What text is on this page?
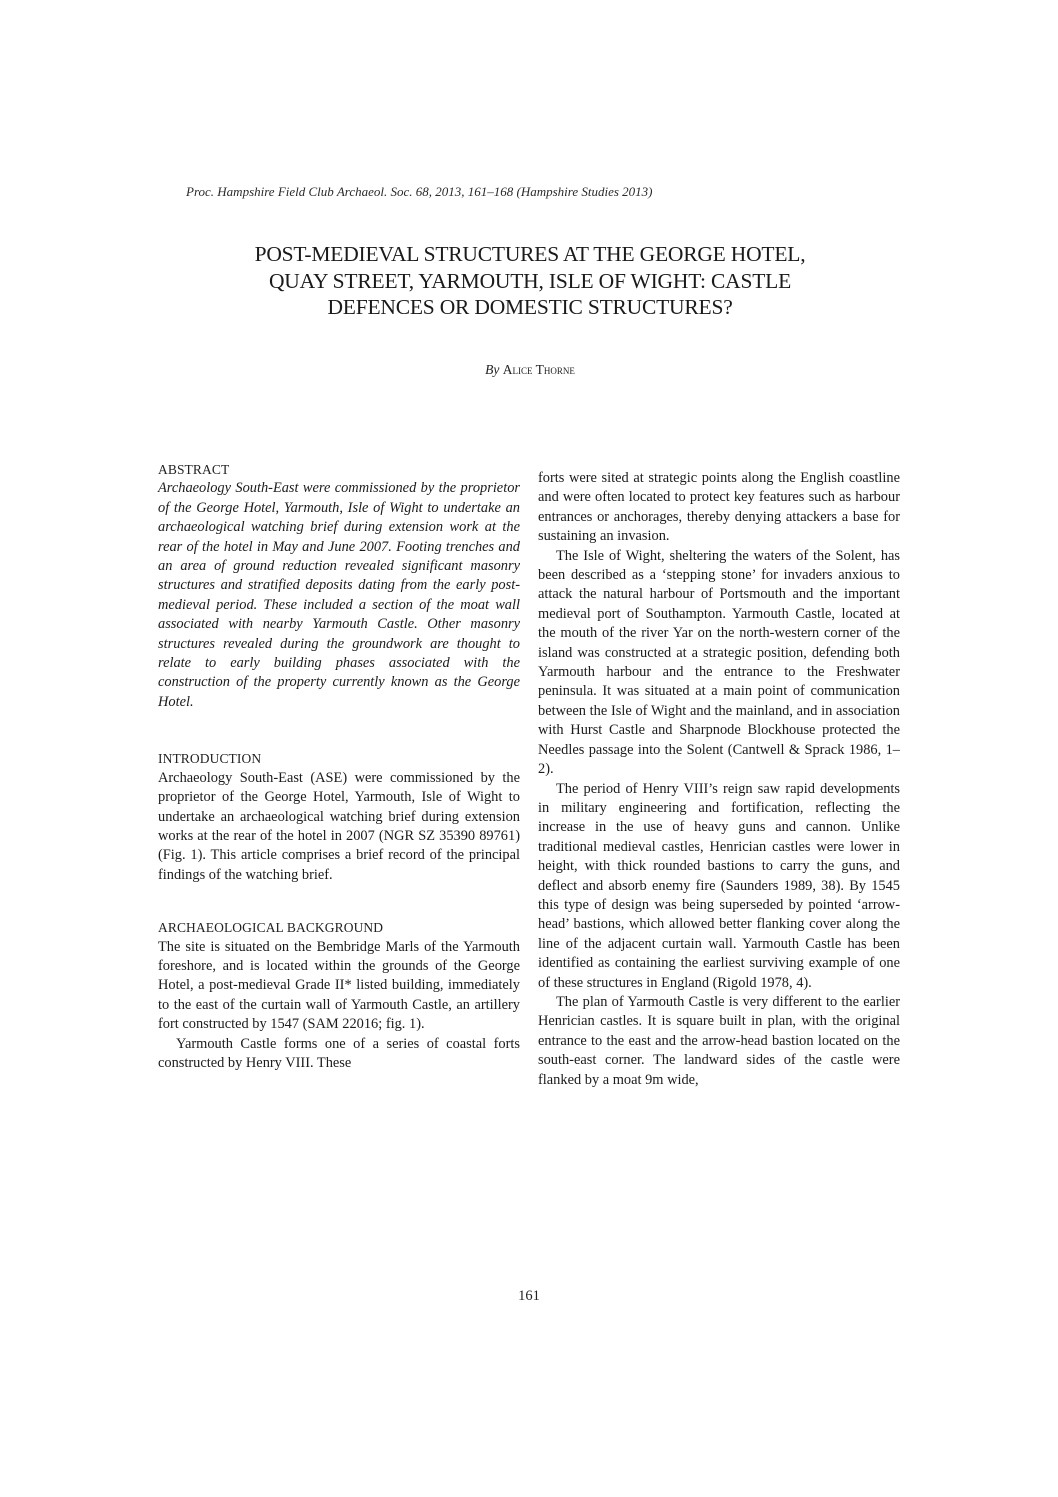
Proc. Hampshire Field Club Archaeol. Soc. 68, 2013, 161–168 (Hampshire Studies 2013)
POST-MEDIEVAL STRUCTURES AT THE GEORGE HOTEL,
QUAY STREET, YARMOUTH, ISLE OF WIGHT: CASTLE
DEFENCES OR DOMESTIC STRUCTURES?
By Alice Thorne

ABSTRACT

Archaeology South-East were commissioned by the proprietor of the George Hotel, Yarmouth, Isle of Wight to undertake an archaeological watching brief during extension work at the rear of the hotel in May and June 2007. Footing trenches and an area of ground reduction revealed significant masonry structures and stratified deposits dating from the early post-medieval period. These included a section of the moat wall associated with nearby Yarmouth Castle. Other masonry structures revealed during the groundwork are thought to relate to early building phases associated with the construction of the property currently known as the George Hotel.

INTRODUCTION

Archaeology South-East (ASE) were commissioned by the proprietor of the George Hotel, Yarmouth, Isle of Wight to undertake an archaeological watching brief during extension works at the rear of the hotel in 2007 (NGR SZ 35390 89761) (Fig. 1). This article comprises a brief record of the principal findings of the watching brief.

ARCHAEOLOGICAL BACKGROUND

The site is situated on the Bembridge Marls of the Yarmouth foreshore, and is located within the grounds of the George Hotel, a post-medieval Grade II* listed building, immediately to the east of the curtain wall of Yarmouth Castle, an artillery fort constructed by 1547 (SAM 22016; fig. 1).

Yarmouth Castle forms one of a series of coastal forts constructed by Henry VIII. These

forts were sited at strategic points along the English coastline and were often located to protect key features such as harbour entrances or anchorages, thereby denying attackers a base for sustaining an invasion.

The Isle of Wight, sheltering the waters of the Solent, has been described as a ‘stepping stone’ for invaders anxious to attack the natural harbour of Portsmouth and the important medieval port of Southampton. Yarmouth Castle, located at the mouth of the river Yar on the north-western corner of the island was constructed at a strategic position, defending both Yarmouth harbour and the entrance to the Freshwater peninsula. It was situated at a main point of communication between the Isle of Wight and the mainland, and in association with Hurst Castle and Sharpnode Blockhouse protected the Needles passage into the Solent (Cantwell & Sprack 1986, 1–2).

The period of Henry VIII’s reign saw rapid developments in military engineering and fortification, reflecting the increase in the use of heavy guns and cannon. Unlike traditional medieval castles, Henrician castles were lower in height, with thick rounded bastions to carry the guns, and deflect and absorb enemy fire (Saunders 1989, 38). By 1545 this type of design was being superseded by pointed ‘arrow-head’ bastions, which allowed better flanking cover along the line of the adjacent curtain wall. Yarmouth Castle has been identified as containing the earliest surviving example of one of these structures in England (Rigold 1978, 4).

The plan of Yarmouth Castle is very different to the earlier Henrician castles. It is square built in plan, with the original entrance to the east and the arrow-head bastion located on the south-east corner. The landward sides of the castle were flanked by a moat 9m wide,

161
